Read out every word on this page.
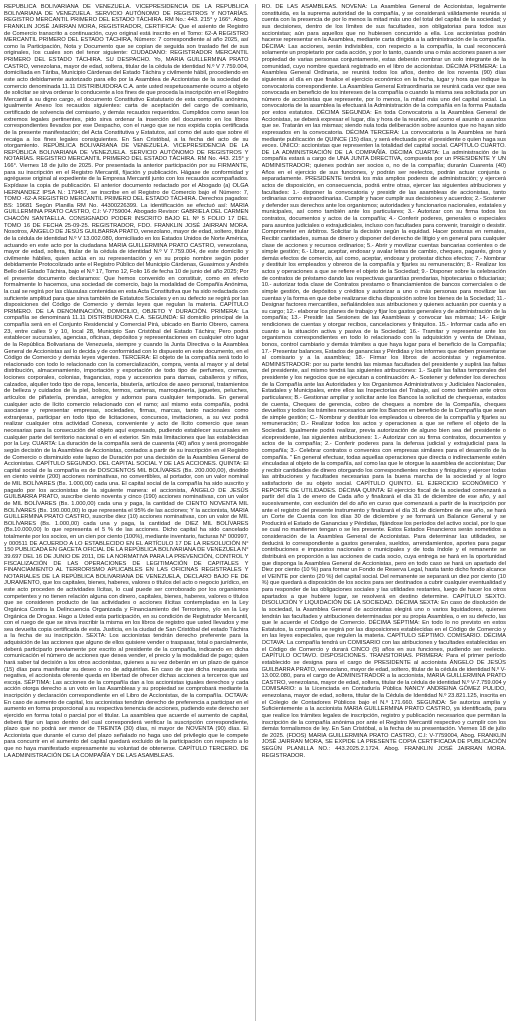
REPÚBLICA BOLIVARIANA DE VENEZUELA. VICEPRESIDENCIA DE LA REPÚBLICA BOLIVARIANA DE VENEZUELA. SERVICIO AUTÓNOMO DE REGISTROS Y NOTARÍAS. REGISTRO MERCANTIL PRIMERO DEL ESTADO TÁCHIRA. RM No.: 443. 215° y 166°. Abog. FRANKLIN JOSÉ JAIRRAN MORA, REGISTRADOR, CERTIFICA: Que el asiento de Registro de Comercio transcrito a continuación, cuyo original está inscrito en el Tomo: 62-A REGISTRO MERCANTIL PRIMERO DEL ESTADO TÁCHIRA, Número: 7 correspondiente al año 2025, así como la Participación, Nota y Documento que se copian de seguida son traslado fiel de sus originales, los cuales son del tenor siguiente: CIUDADANO: REGISTRADOR MERCANTIL PRIMERO DEL ESTADO TÁCHIRA. SU DESPACHO. Yo, MARIA GUILLERMINA PRATO CASTRO, venezolana, mayor de edad, soltera, titular de la cédula de identidad N.º V 7.759.004, domiciliada en Táriba, Municipio Cárdenas del Estado Táchira y civilmente hábil, procediendo en este acto debidamente autorizado para ello por la Asamblea de Accionistas de la sociedad de comercio denominada 11.11 DISTRIBUIDORA C.A. ante usted respetuosamente ocurro a objeto de solicitar se sirva ordenar lo conducente a los fines de que proceda la inscripción en el Registro Mercantil a su digno cargo, el documento Constitutivo Estatutario de esta compañía anónima, igualmente Anexo los recaudos siguientes: carta de aceptación del cargo de comisario, certificado de solvencia del comisario, y demás recaudos requeridos. Cumplidos como sean los extremos legales pertinentes, pido sirva ordenar la inserción del documento en los libros correspondientes llevados por ese Despacho, con el ruego que se nos expida copia certificada de la presente manifestación; del Acta Constitutiva y Estatutos, así como del auto que sobre él recaiga a los fines legales consiguientes. En San Cristóbal, a la fecha del acto de su otorgamiento. REPÚBLICA BOLIVARIANA DE VENEZUELA. VICEPRESIDENCIA DE LA REPÚBLICA BOLIVARIANA DE VENEZUELA. SERVICIO AUTÓNOMO DE REGISTROS Y NOTARÍAS. REGISTRO MERCANTIL PRIMERO DEL ESTADO TÁCHIRA. RM No. 443. 215° y 166°. Viernes 18 de julio de 2025. Por presentada la anterior participación por su FIRMANTE, para su inscripción en el Registro Mercantil, fíjación y publicación. Hágase de conformidad y agréguese original al expediente de la Empresa Mercantil junto con los recaudos acompañados. Expídase la copia de publicación. El anterior documento redactado por el Abogado (a) OLGA HERNANDEZ IPSA N.: 179457, se inscribe en el Registro de Comercio bajo el Número: 7, TOMO -62-A REGISTRO MERCANTIL PRIMERO DEL ESTADO TÁCHIRA. Derechos pagados: BS: 19681 Según Planilla RM No. 44300226399. La identificación se efectuó así: MARIA GUILLERMINA PRATO CASTRO, C.I: V-7759004. Abogado Revisor: GABRIELA DEL CARMEN CHACÓN SANTAELLA. CONSIGNADO PODER INSCRITO BAJO EL Nº 5 FOLIO 17 DEL TOMO 16 DE FECHA 25-09-25. REGISTRADOR, FDO. FRANKLIN JOSÉ JAIRRAN MORA. Nosotros, ÁNGELO DE JESÚS GUILBARRA PRATO, venezolano, mayor de edad, soltero, titular de la cédula de identidad N.º V 13.002.080, domiciliado en los Estados Unidos de Norte América, actuando en este acto por la ciudadana MARIA GUILLERMINA PRATO CASTRO, venezolana, mayor de edad, soltera, titular de la cédula de identidad N.º V 7.759.004, de este domicilio y civilmente hábiles, quien actúa en su representación y en su propio nombre según poder debidamente Protocolizado ante el Registro Público del Municipio Cárdenas, Guasimos y Andrés Bello del Estado Táchira, bajo el N.º 17, Tomo 12, Folio 16 de fecha 10 de junio del año 2025; Por el presente documento declaramos: Que hemos convenido en constituir, como en efecto formalmente lo hacemos, una sociedad de comercio, bajo la modalidad de Compañía Anónima, la cual se regirá por las cláusulas contenidas en esta Acta Constitutiva que ha sido redactada con suficiente amplitud para que sirva también de Estatutos Sociales y en su defecto se regirá por las disposiciones del Código de Comercio y demás leyes que regulan la materia. CAPÍTULO PRIMERO. DE LA DENOMINACIÓN, DOMICILIO, OBJETO Y DURACIÓN. PRIMERA: La compañía se denominará 11.11 DISTRIBUIDORA C.A. SEGUNDA: El domicilio principal de la compañía será en el Conjunto Residencial y Comercial Pirá, ubicado en Barrio Obrero, carrera 23, entre calles 9 y 10, local 28, Municipio San Cristóbal del Estado Táchira; Pero podrá establecer sucursales, agencias, oficinas, depósitos y representaciones en cualquier otro lugar de la República Bolivariana de Venezuela, siempre y cuando la Junta Directiva o la Asamblea General de Accionistas así lo decida y de conformidad con lo dispuesto en este documento, en el Código de Comercio y demás leyes vigentes. TERCERA: El objeto de la compañía será todo lo relacionado con todo lo relacionado con la comercialización, compra, venta al mayor y al detal distribución, almacenamiento, importación y exportación de todo tipo de perfumes, cremas, lociones corporales, colonias, fragancias, ropa y accesorios para damas, caballeros y niños, calzados, alquiler todo tipo de ropa, lencería, bisutería, artículos de aseo personal, tratamientos de belleza y cuidados de la piel, bolsos, termos, carteras, marroquinería, juguetes, peluches, artículos de piñatería, prendas, arreglos y adornos para cualquier temporada. En general cualquier acto de lícito comercio relacionado con el ramo; así mismo esta compañía, podrá asociarse y representar empresas, sociedades, firmas, marcas, tanto nacionales como extranjeras, participar en todo tipo de licitaciones, concursos, invitaciones, a su vez podrá realizar cualquier otra actividad Conexa, conveniente y acto de lícito comercio que sean necesarias para la consecución del objeto aquí expresado, pudiendo establecer sucursales en cualquier parte del territorio nacional o en el exterior. Sin más limitaciones que las establecidas por la Ley. CUARTA: La duración de la compañía será de cuarenta (40) años y será prorrogable según decisión de la Asamblea de Accionistas, contados a partir de su inscripción en el Registro de Comercio o disminuido este lapso de Duración por una decisión de la Asamblea General de Accionistas. CAPÍTULO SEGUNDO. DEL CAPITAL SOCIAL Y DE LAS ACCIONES. QUINTA: El capital social de la compañía es de DOSCIENTOS MIL BOLÍVARES (Bs. 200.000,00), dividido en ciento veinte (200) acciones nominativas, no convertibles, al portador, con un valor nominal de MIL BOLÍVARES (Bs. 1.000,00) cada una. El capital social de la compañía ha sido suscrito y pagado por los accionistas de la siguiente manera: el accionista, ÁNGELO DE JESÚS GUILBARRA PRATO, suscribe ciento noventa y cinco (190) acciones nominativas, con un valor de MIL BOLÍVARES (Bs. 1.000,00) cada una y paga, la cantidad de CIENTO NOVENTA MIL BOLÍVARES (Bs. 190.000,00) lo que representa el 95% de las acciones; Y la accionista, MARIA GUILLERMINA PRATO CASTRO, suscribe diez (10) acciones nominativas, con un valor de MIL BOLÍVARES (Bs. 1.000,00) cada una y paga, la cantidad de DIEZ MIL BOLÍVARES (Bs.10.000,00) lo que representa el 5 % de las acciones. Dicho capital ha sido cancelado totalmente por los socios, en un cien por ciento (100%), mediante inventario, facturas N° 000997, y 000511 DE ACUERDO A LO ESTABLECIDO EN EL ARTÍCULO 17 DE LA RESOLUCIÓN N° 150 PUBLICADA EN GACETA OFICIAL DE LA REPÚBLICA BOLIVARIANA DE VENEZUELA N° 39.697 DEL 16 DE JUNIO DE 2011, DE LA NORMATIVA PARA LA PREVENCIÓN, CONTROL Y FISCALIZACIÓN DE LAS OPERACIONES DE LEGITIMACIÓN DE CAPITALES Y FINANCIAMIENTO AL TERRORISMO APLICABLES EN LAS OFICINAS REGISTRALES Y NOTARIALES DE LA REPÚBLICA BOLIVARIANA DE VENEZUELA, DECLARO BAJO FE DE JURAMENTO, que los capitales, bienes, haberes, valores o títulos del acto o negocio jurídico, en este acto proceden de actividades lícitas, lo cual puede ser corroborado por los organismos competentes y no tienen relación alguna con dinero, capitales, bienes, haberes, valores o títulos que se consideren producto de las actividades o acciones ilícitas contempladas en la Ley Orgánica Contra la Delincuencia Organizada y Financiamiento del Terrorismo, y/o en la Ley Orgánica de Drogas. Hago a Usted esta participación, en su condición de Registrador Mercantil, con el ruego de que se sirva inscribir la misma en los libros de registro que usted llevados y me sea devuelta copia certificada de esta. Justicia, en la ciudad de San Cristóbal del estado Táchira a la fecha de su inscripción. SEXTA: Los accionistas tendrán derecho preferente para la adquisición de las acciones que alguno de ellos quisiere vender o traspasar, total o parcialmente, deberá participarlo previamente por escrito al presidente de la compañía, indicando en dicha comunicación el número de acciones que desea vender, el precio y la modalidad de pago; quien hará saber tal decisión a los otros accionistas, quienes a su vez deberán en un plazo de quince (15) días para manifestar su deseo o no de adquirirlas. En caso de que dicha respuesta sea negativa, el accionista oferente queda en libertad de ofrecer dichas acciones a terceros que así escoja. SÉPTIMA: Las acciones de la compañía dan a los accionistas iguales derechos y cada acción otorga derecho a un voto en las Asambleas y su propiedad se comprobará mediante la inscripción y declaración correspondiente en el Libro de Accionistas, de la compañía. OCTAVA: En caso de aumento de capital, los accionistas tendrán derecho de preferencia a participar en el aumento en forma proporcional a su respectiva tenencia de acciones, pudiendo este derecho ser ejercido en forma total o parcial por el titular. La asamblea que acuerde el aumento de capital, deberá fijar un lapso dentro del cual corresponderá verificar la suscripción correspondiente, plazo que no podrá ser menor de TREINTA (30) días, ni mayor de NOVENTA (90) días. El Accionista que durante el curso del plazo señalado no haga uso del privilegio que le compete para concurrir en el aumento del capital quedará excluido de la participación con respecto a lo que no haya manifestado expresamente su voluntad de obtenerse. CAPÍTULO TERCERO. DE LA ADMINISTRACIÓN DE LA COMPAÑÍA Y DE LAS ASAMBLEAS.

RO. DE LAS ASAMBLEAS. NOVENA: La Asamblea General de Accionistas, legalmente constituida, es la suprema autoridad de la compañía, y se considerará válidamente reunida si cuenta con la presencia de por lo menos la mitad más uno del total del capital de la sociedad; y sus decisiones, dentro de los límites de sus facultades, son obligatorias para todos sus accionistas; aún para aquellos que no hubiesen concurrido a ella. Los accionistas podrán hacerse representar en la Asamblea, mediante carta dirigida a la administración de la compañía. DÉCIMA: Las acciones, serán indivisibles, con respecto a la compañía, la cual reconocerá solamente un propietario por cada acción, y por lo tanto, cuando una o más acciones pasen a ser propiedad de varias personas conjuntamente, estas deberán nombrar un solo integrante de la comunidad, cuyo nombre quedará registrado en el libro de accionistas. DÉCIMA PRIMERA: La Asamblea General Ordinaria, se reunirá todos los años, dentro de los noventa (90) días siguientes al día en que finalice el ejercicio económico en la fecha, lugar y hora que indique la convocatoria correspondiente. La Asamblea General Extraordinaria se reunirá cada vez que sea convocada en beneficio de los intereses de la compañía o cuando la misma sea solicitada por un número de accionistas que represente, por lo menos, la mitad más uno del capital social. La convocatoria de la asamblea la efectuará la Administración de la compañía en la forma Pautada por estos estatutos. DÉCIMA SEGUNDA: En toda Convocatoria a la Asamblea General de Accionistas, se deberá expresar el lugar, día y hora de la reunión, así como el asunto o asuntos que se. Tratarán en las mismas; siendo nula toda deliberación sobre asuntos que no hayan sido expresados en la convocatoria. DÉCIMA TERCERA: La convocatoria a la Asamblea se hará mediante publicación de QUINCE (15) días, y será efectuada por el presidente o quien haga sus veces. ÚNICO: accionistas que representen la totalidad del capital social. CAPÍTULO CUARTO. DE LA ADMINISTRACIÓN DE LA COMPAÑÍA. DÉCIMA CUARTA: La administración de la compañía estará a cargo de UNA JUNTA DIRECTIVA, compuesta por un PRESIDENTE Y UN ADMINISTRADOR; quienes podrán ser socios o, no de la compañía; durarán Cuarenta (40) Años en el ejercicio de sus funciones, y podrán ser reelectos, podrán actuar conjunta o separadamente. PRESIDENTE tendrá los más amplios poderes de administración; y ejercerá actos de disposición, en consecuencia, podrá entre otras, ejercer las siguientes atribuciones y facultades: 1.- disponer la convocatoria y presidir de las asambleas de accionistas, tanto ordinarias como extraordinarias. Cumplir y hacer cumplir sus decisiones y acuerdos; 2.- Sostener y defender sus derechos ante los organismos; autoridades y funcionarios nacionales, estatales y municipales, así como también ante los particulares; 3.- Autorizar con su firma todos los contratos, documentos y actos de la compañía; 4.- Conferir poderes, generales o especiales para asuntos judiciales o extrajudiciales, incluso con facultades para convenir, transigir o desistir. Comprometer en árbitros. Solicitar la decisión según la equidad. Hacer posturas en remates, Recibir cantidades, sumas de dinero y disponer del derecho de litigio y en general para cualquier clase de acciones y recursos ordinarios; 5.- Abrir y movilizar cuentas bancarias corrientes o de simple gestión; 6.- Librar, aceptar, endosar y avalar letras de cambio, cheques, pagarés, giros y demás efectos de comercio, así como, aceptar, endosar y protestar dichos efectos; 7.- Nombrar y destituir los empleados y obreros de la compañía y fijarles su remuneración; 8.- Realizar los actos y operaciones a que se refiere el objeto de la Sociedad; 9.- Disponer sobre la celebración de contratos de préstamo dando las respectivas garantías prendarias, hipotecarias o fiduciarias; 10.- autorizar toda clase de Contratos prestamo o financiamientos de bancos comerciales o de simple gestión, de depósitos y créditos y autorizar a uno o más personas para movilizar las cuentas y la forma en que debe realizarse dicha disposición sobre los bienes de la Sociedad; 11.- Designar factores mercantiles, señalándoles sus atribuciones y quienes actuarán por cuenta y a su cargo; 12.- elaborar los planes de trabajo y fijar los gastos generales y de administración de la compañía; 13.- Presidir las Sesiones de las Asambleas y convocar las mismas; 14.- Exigir rendiciones de cuentas y otorgar recibos, cancelaciones y finiquitos. 15.- Informar cada año en cuanto a la situación activa y pasiva de la Sociedad; 16.- Tramitar y representar ante los organismos correspondientes en todo lo relacionado con la adquisición y venta de Divisas, bonos, control cambiario y demás trámites a que haya lugar para el beneficio de la Compañía; 17.- Presentar balances, Estados de ganancias y Pérdidas y los informes que deben presentarse al comisario y a la asamblea; 18.- Firmar los libros de accionistas y reglamentos. ADMINISTRADOR: por su parte tendrá las mismas facultades del presidente y suplirá las faltas del presidente, así mismo tendrá las siguientes atribuciones: 1.- Suplir las faltas temporales del presidente y los negocios que se ejecutan a continuación: A.- Sostener y defender los derechos de la Compañía ante las Autoridades y los Organismos Administrativos y Judiciales Nacionales, Estadales y Municipales, entre ellos las Inspectorías del Trabajo, así como también ante otros particulares; B.- Gestionar ampliar y solicitar ante los Bancos la solicitud de chequeras, estados de cuenta, Cheques de gerencia, cobro de cheques a nombre de la Compañía, cheques devueltos y todos los trámites necesarios ante los Bancos en beneficio de la Compañía que sean de simple gestión; C.- Nombrar y destituir los empleados u obreros de la compañía y fijarles su remuneración; D.- Realizar todos los actos y operaciones a que se refiere el objeto de la Sociedad. Igualmente podrá realizar, previa autorización de alguno bien sea del presidente o vicepresidente, las siguientes atribuciones: 1.- Autorizar con su firma contratos, documentos y actos de la compañía; 2.- Conferir poderes para la defensa judicial y extrajudicial para la compañía; 3.- Celebrar contratos o convenios con empresas similares para el desarrollo de la compañía. " En general efectuar, todas aquellas operaciones que directa o indirectamente estén vinculadas al objeto de la compañía, así como las que le otorgue la asamblea de accionistas; Dar y recibir cantidades de dinero otorgando los correspondientes recibos y finiquitos y ejercer todas las atribuciones y facultades necesarias para la buena marcha de la sociedad y al logro satisfactorio de su objeto social. CAPÍTULO QUINTO. EL EJERCICIO ECONÓMICO Y REPORTE DE UTILIDADES. DÉCIMA QUINTA: El ejercicio fiscal de la sociedad comenzará a partir del día 1 de enero de Cada año y finalizará el día 31 de diciembre de ese año, y así sucesivamente, con exclusión del do año en curso que comenzará a partir de la inscripción por ante el registro del presente instrumento y finalizará el día 31 de diciembre de ese año, se hará un Corte de Cuenta con los días 30 de diciembre y se formará un Balance General y se Producirá el Estado de Ganancias y Pérdidas, fijándose los períodos del activo social, por lo que se cual no mantienen tengan o se les presente. Estos Estados Financieros serán sometidos a consideración de la Asamblea General de Accionistas. Para determinar las utilidades, se deducirá lo correspondiente a gastos generales, sueldos, arrendamientos, aportes para pagar contribuciones e impuestos nacionales o municipales y de toda índole y el remanente se distribuirá en proporción a las acciones de cada socio, cuya entrega se hará en la oportunidad que disponga la Asamblea General de Accionistas, pero en todo caso se hará un apartado del Diez por ciento (10 %) para formar un Fondo de Reserva Legal, hasta tanto dicho fondo alcance el VEINTE por ciento (20 %) del capital social. Del remanente se separará un diez por ciento (10 %) que quedará a disposición de los socios para ser destinados a cubrir cualquier eventualidad y para responder de las obligaciones sociales y las utilidades restantes, luego de hacer los otros apartados a que hubiere lugar, se resolverá en destino determine. CAPÍTULO SEXTO. DISOLUCIÓN Y LIQUIDACIÓN DE LA SOCIEDAD. DÉCIMA SEXTA: En caso de disolución de la sociedad, la Asamblea General de accionistas elegirá uno o varios liquidadores, quienes tendrán las facultades y atribuciones determinadas por su propia Asamblea, o en su defecto, las que le acuerde el Código de Comercio. DÉCIMA SÉPTIMA: En todo lo no previsto en estos Estatutos, la compañía se regirá por las disposiciones establecidas en el Código de Comercio y en las leyes especiales, que regulen la materia. CAPÍTULO SÉPTIMO. COMISARIO. DÉCIMA OCTAVA: La compañía tendrá un COMISARIO con las atribuciones y facultades establecidas en el Código de Comercio y durará CINCO (5) años en sus funciones, pudiendo ser reelecto. CAPÍTULO OCTAVO. DISPOSICIONES. TRANSITORIAS. PRIMERA: Para el primer período establecido se designa para el cargo de PRESIDENTE al accionista ÁNGELO DE JESÚS GUILBARRA PRATO, venezolano, mayor de edad, soltero, titular de la cédula de identidad N.º V- 13.002.080, para el cargo de ADMINISTRADOR a la accionista, MARIA GUILLERMINA PRATO CASTRO, venezolana, mayor de edad, soltera, titular de la cédula de identidad N.º V-7.759.004 y COMISARIO: a la Licenciada en Contaduría Pública NANCY ANDREINA GÓMEZ PULIDO, venezolana, mayor de edad, soltera, titular de la Cédula de Identidad N.º 23.821.125, inscrita en el Colegio de Contadores Públicos bajo el N.º 171.660. SEGUNDA: Se autoriza amplia y Suficientemente a la accionista MARIA GUILLERMINA PRATO CASTRO, ya identificada, para que realice los trámites legales de inscripción, registro y publicación necesarios que permitan la inscripción de la compañía anónima por ante el Registro Mercantil respectivo y cumplir con los demás formalismos de ley. En San Cristóbal, a la fecha de su presentación. Viernes 18 de julio de 2025. (FDOS) MARIA GUILLERMINA PRATO CASTRO, C.I: V-7759004, Abog. FRANKLIN JOSÉ JAIRRAN MORA, SE EXPIDE LA PRESENTE COPIA CERTIFICADA DE PUBLICACIÓN SEGÚN PLANILLA NO.: 443.2025.2.1724. Abog. FRANKLIN JOSÉ JAIRRAN MORA. REGISTRADOR.
